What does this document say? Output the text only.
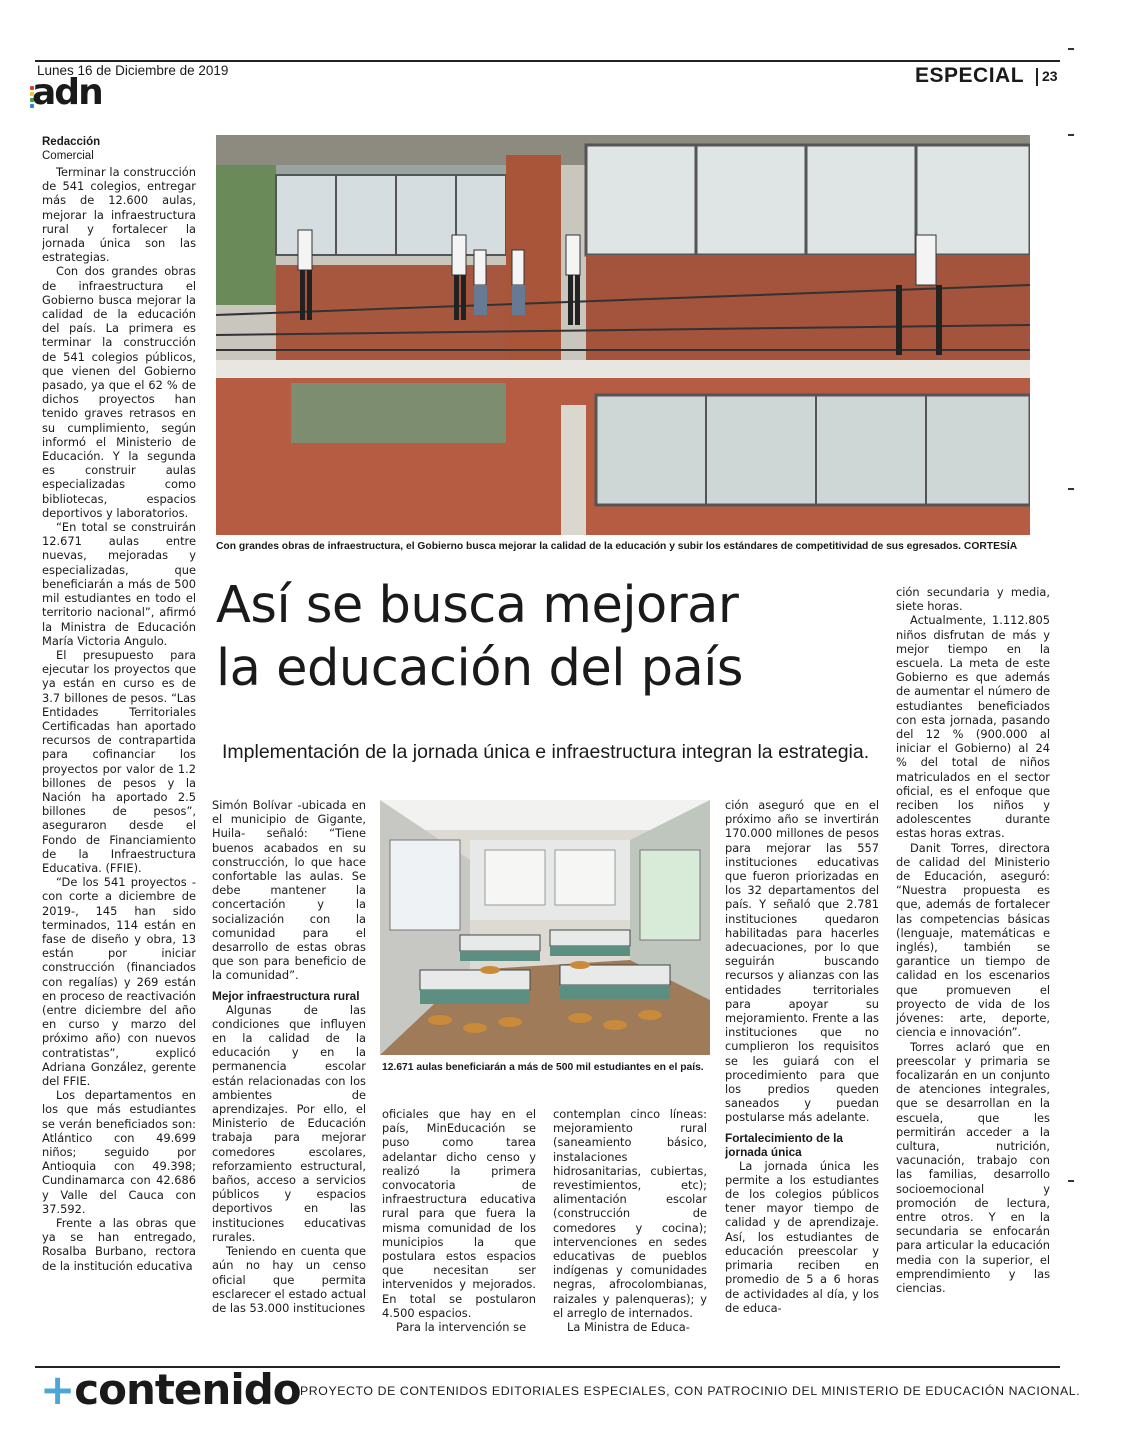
Lunes 16 de Diciembre de 2019
adn	ESPECIAL 23
Redacción
Comercial

Terminar la construcción de 541 colegios, entregar más de 12.600 aulas, mejorar la infraestructura rural y fortalecer la jornada única son las estrategias.

Con dos grandes obras de infraestructura el Gobierno busca mejorar la calidad de la educación del país. La primera es terminar la construcción de 541 colegios públicos, que vienen del Gobierno pasado, ya que el 62 % de dichos proyectos han tenido graves retrasos en su cumplimiento, según informó el Ministerio de Educación. Y la segunda es construir aulas especializadas como bibliotecas, espacios deportivos y laboratorios.

“En total se construirán 12.671 aulas entre nuevas, mejoradas y especializadas, que beneficiarán a más de 500 mil estudiantes en todo el territorio nacional”, afirmó la Ministra de Educación María Victoria Angulo.

El presupuesto para ejecutar los proyectos que ya están en curso es de 3.7 billones de pesos. “Las Entidades Territoriales Certificadas han aportado recursos de contrapartida para cofinanciar los proyectos por valor de 1.2 billones de pesos y la Nación ha aportado 2.5 billones de pesos”, aseguraron desde el Fondo de Financiamiento de la Infraestructura Educativa. (FFIE).

“De los 541 proyectos -con corte a diciembre de 2019-, 145 han sido terminados, 114 están en fase de diseño y obra, 13 están por iniciar construcción (financiados con regalías) y 269 están en proceso de reactivación (entre diciembre del año en curso y marzo del próximo año) con nuevos contratistas”, explicó Adriana González, gerente del FFIE.

Los departamentos en los que más estudiantes se verán beneficiados son: Atlántico con 49.699 niños; seguido por Antioquia con 49.398; Cundinamarca con 42.686 y Valle del Cauca con 37.592.

Frente a las obras que ya se han entregado, Rosalba Burbano, rectora de la institución educativa

Con grandes obras de infraestructura, el Gobierno busca mejorar la calidad de la educación y subir los estándares de competitividad de sus egresados. CORTESÍA
Así se busca mejorar
la educación del país
Implementación de la jornada única e infraestructura integran la estrategia.

ción secundaria y media, siete horas.

Actualmente, 1.112.805 niños disfrutan de más y mejor tiempo en la escuela. La meta de este Gobierno es que además de aumentar el número de estudiantes beneficiados con esta jornada, pasando del 12 % (900.000 al iniciar el Gobierno) al 24 % del total de niños matriculados en el sector oficial, es el enfoque que reciben los niños y adolescentes durante estas horas extras.

Danit Torres, directora de calidad del Ministerio de Educación, aseguró: “Nuestra propuesta es que, además de fortalecer las competencias básicas (lenguaje, matemáticas e inglés), también se garantice un tiempo de calidad en los escenarios que promueven el proyecto de vida de los jóvenes: arte, deporte, ciencia e innovación”.

Torres aclaró que en preescolar y primaria se focalizarán en un conjunto de atenciones integrales, que se desarrollan en la escuela, que les permitirán acceder a la cultura, nutrición, vacunación, trabajo con las familias, desarrollo socioemocional y promoción de lectura, entre otros. Y en la secundaria se enfocarán para articular la educación media con la superior, el emprendimiento y las ciencias.

Simón Bolívar -ubicada en el municipio de Gigante, Huila- señaló: “Tiene buenos acabados en su construcción, lo que hace confortable las aulas. Se debe mantener la concertación y la socialización con la comunidad para el desarrollo de estas obras que son para beneficio de la comunidad”.

Mejor infraestructura rural

Algunas de las condiciones que influyen en la calidad de la educación y en la permanencia escolar están relacionadas con los ambientes de aprendizajes. Por ello, el Ministerio de Educación trabaja para mejorar comedores escolares, reforzamiento estructural, baños, acceso a servicios públicos y espacios deportivos en las instituciones educativas rurales.

Teniendo en cuenta que aún no hay un censo oficial que permita esclarecer el estado actual de las 53.000 instituciones

12.671 aulas beneficiarán a más de 500 mil estudiantes en el país.

ción aseguró que en el próximo año se invertirán 170.000 millones de pesos para mejorar las 557 instituciones educativas que fueron priorizadas en los 32 departamentos del país. Y señaló que 2.781 instituciones quedaron habilitadas para hacerles adecuaciones, por lo que seguirán buscando recursos y alianzas con las entidades territoriales para apoyar su mejoramiento. Frente a las instituciones que no cumplieron los requisitos se les guiará con el procedimiento para que los predios queden saneados y puedan postularse más adelante.

Fortalecimiento de la jornada única

La jornada única les permite a los estudiantes de los colegios públicos tener mayor tiempo de calidad y de aprendizaje. Así, los estudiantes de educación preescolar y primaria reciben en promedio de 5 a 6 horas de actividades al día, y los de educa-

oficiales que hay en el país, MinEducación se puso como tarea adelantar dicho censo y realizó la primera convocatoria de infraestructura educativa rural para que fuera la misma comunidad de los municipios la que postulara estos espacios que necesitan ser intervenidos y mejorados. En total se postularon 4.500 espacios.

Para la intervención se

contemplan cinco líneas: mejoramiento rural (saneamiento básico, instalaciones hidrosanitarias, cubiertas, revestimientos, etc); alimentación escolar (construcción de comedores y cocina); intervenciones en sedes educativas de pueblos indígenas y comunidades negras, afrocolombianas, raizales y palenqueras); y el arreglo de internados.

La Ministra de Educa-

+contenido PROYECTO DE CONTENIDOS EDITORIALES ESPECIALES, CON PATROCINIO DEL MINISTERIO DE EDUCACIÓN NACIONAL.
